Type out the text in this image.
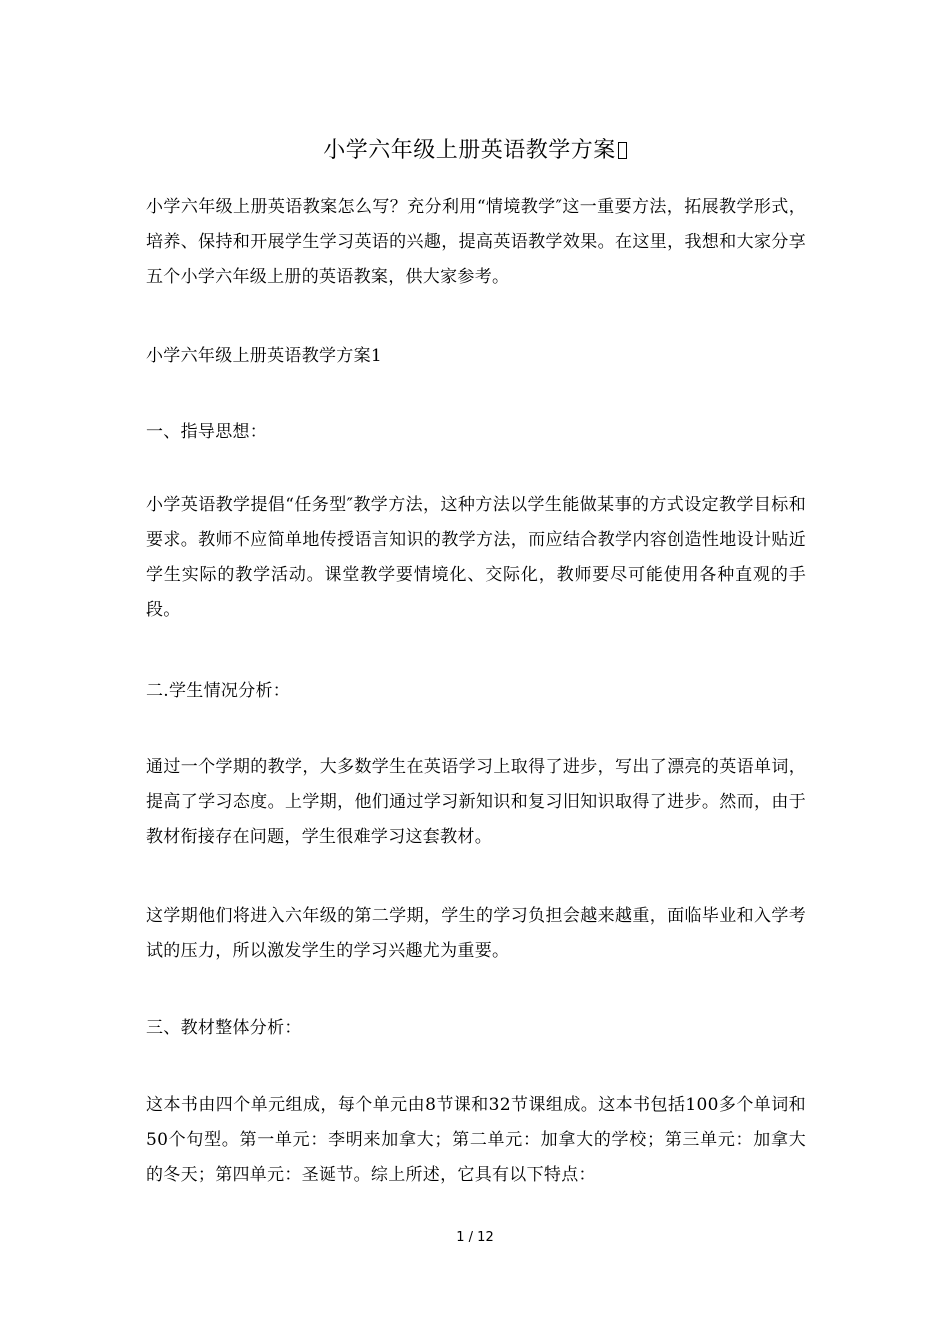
小学六年级上册英语教学方案
小学六年级上册英语教案怎么写？充分利用“情境教学″这一重要方法，拓展教学形式，培养、保持和开展学生学习英语的兴趣，提高英语教学效果。在这里，我想和大家分享五个小学六年级上册的英语教案，供大家参考。
小学六年级上册英语教学方案1
一、指导思想：
小学英语教学提倡“任务型″教学方法，这种方法以学生能做某事的方式设定教学目标和要求。教师不应简单地传授语言知识的教学方法，而应结合教学内容创造性地设计贴近学生实际的教学活动。课堂教学要情境化、交际化，教师要尽可能使用各种直观的手段。
二.学生情况分析：
通过一个学期的教学，大多数学生在英语学习上取得了进步，写出了漂亮的英语单词，提高了学习态度。上学期，他们通过学习新知识和复习旧知识取得了进步。然而，由于教材衔接存在问题，学生很难学习这套教材。
这学期他们将进入六年级的第二学期，学生的学习负担会越来越重，面临毕业和入学考试的压力，所以激发学生的学习兴趣尤为重要。
三、教材整体分析：
这本书由四个单元组成，每个单元由8节课和32节课组成。这本书包括100多个单词和50个句型。第一单元：李明来加拿大；第二单元：加拿大的学校；第三单元：加拿大的冬天；第四单元：圣诞节。综上所述，它具有以下特点：
1 / 12
